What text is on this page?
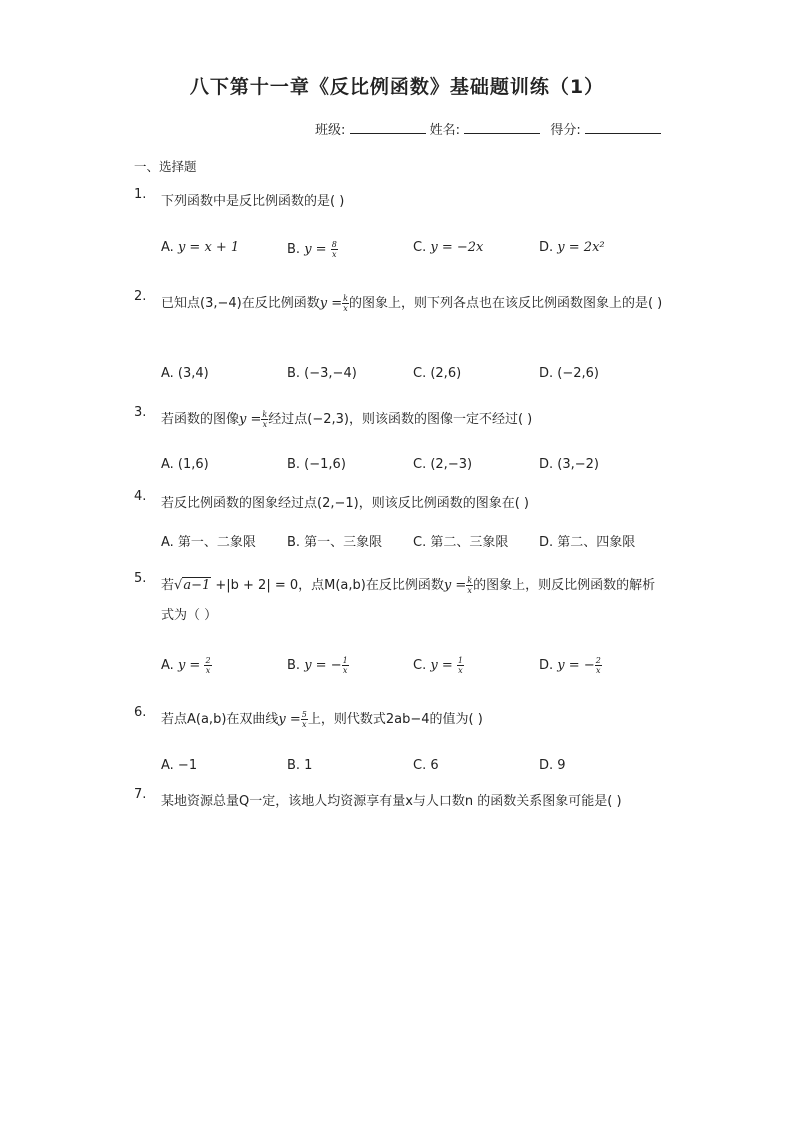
八下第十一章《反比例函数》基础题训练（1）
班级:	姓名:	得分:
一、选择题
1.	下列函数中是反比例函数的是( )
A. y = x + 1	B. $y = \frac{8}{x}$	C. y = −2x	D. y = 2x²
2.	已知点(3,−4)在反比例函数$y = \frac{k}{x}$ 的图象上，则下列各点也在该反比例函数图象上的是( )
A. (3,4)	B. (−3,−4)	C. (2,6)	D. (−2,6)
3.	若函数的图像$y = \frac{k}{x}$ 经过点(−2,3)，则该函数的图像一定不经过( )
A. (1,6)	B. (−1,6)	C. (2,−3)	D. (3,−2)
4.	若反比例函数的图象经过点(2,−1)，则该反比例函数的图象在( )
A. 第一、二象限 B. 第一、三象限 C. 第二、三象限 D. 第二、四象限
5.	若√a−1 +|b + 2| = 0，点M(a,b)在反比例函数$y = \frac{k}{x}$ 的图象上，则反比例函数的解析式为（ ）
A. $y = \frac{2}{x}$	B. y = − $\frac{1}{x}$	C. $y = \frac{1}{x}$	D. y = − $\frac{2}{x}$
6.	若点A(a,b)在双曲线$y = \frac{5}{x}$ 上，则代数式2ab−4的值为( )
A. −1	B. 1	C. 6	D. 9
7.	某地资源总量Q一定，该地人均资源享有量x与人口数n 的函数关系图象可能是( )
